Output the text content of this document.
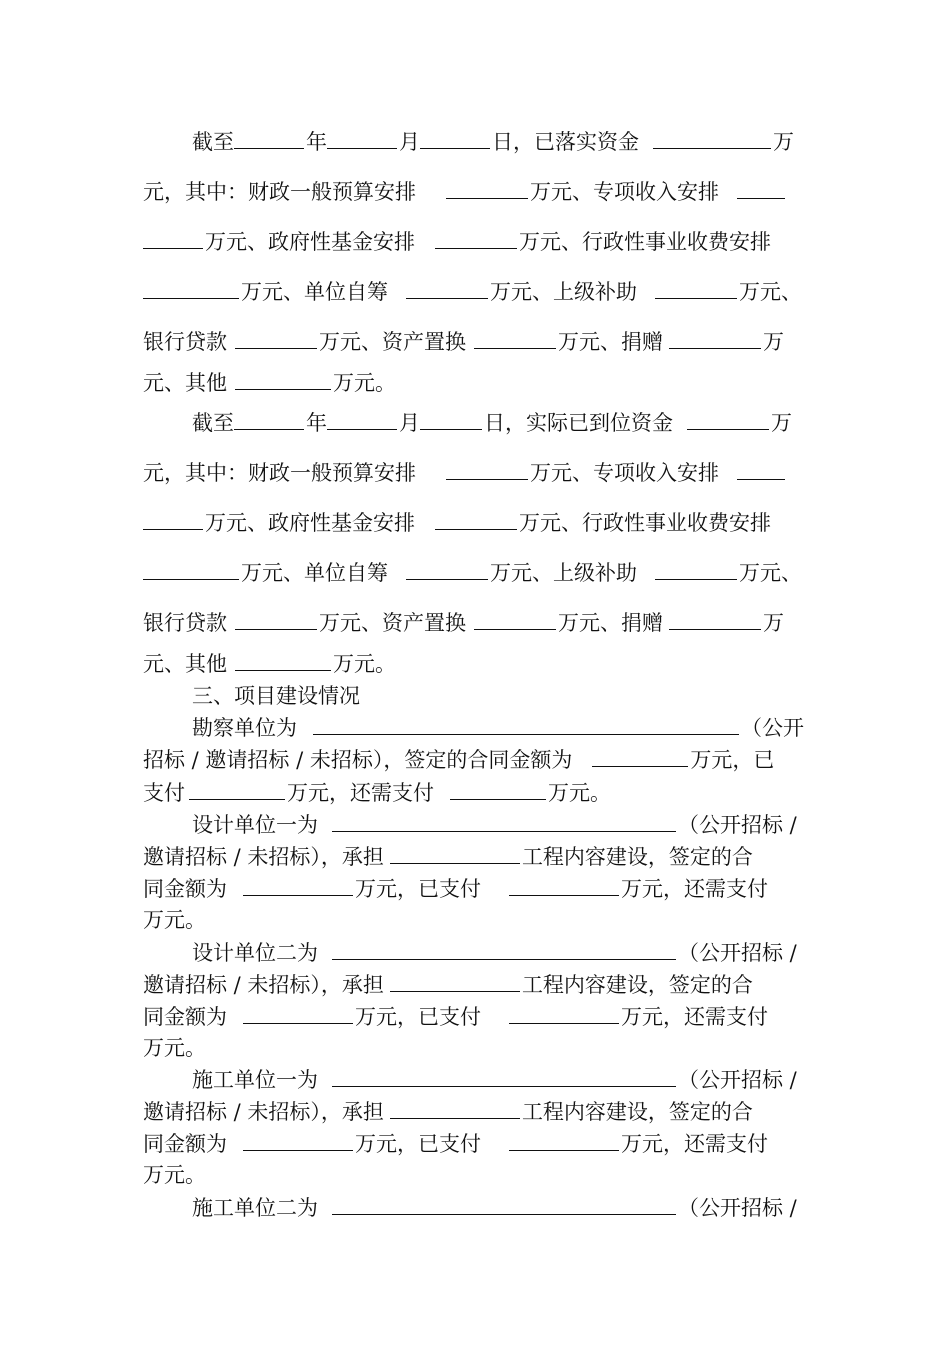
截至	年	月	日，已落实资金	万
元，其中：财政一般预算安排	万元、专项收入安排
万元、政府性基金安排	万元、行政性事业收费安排
万元、单位自筹	万元、上级补助	万元、
银行贷款	万元、资产置换	万元、捐赠	万
元、其他	万元。
截至	年	月	日，实际已到位资金	万
元，其中：财政一般预算安排	万元、专项收入安排
万元、政府性基金安排	万元、行政性事业收费安排
万元、单位自筹	万元、上级补助	万元、
银行贷款	万元、资产置换	万元、捐赠	万
元、其他	万元。
三、项目建设情况
勘察单位为	（公开
招标 / 邀请招标 / 未招标），签定的合同金额为	万元，已
支付	万元，还需支付	万元。
设计单位一为	（公开招标 /
邀请招标 / 未招标），承担	工程内容建设，签定的合
同金额为	万元，已支付	万元，还需支付
万元。
设计单位二为	（公开招标 /
邀请招标 / 未招标），承担	工程内容建设，签定的合
同金额为	万元，已支付	万元，还需支付
万元。
施工单位一为	（公开招标 /
邀请招标 / 未招标），承担	工程内容建设，签定的合
同金额为	万元，已支付	万元，还需支付
万元。
施工单位二为	（公开招标 /
